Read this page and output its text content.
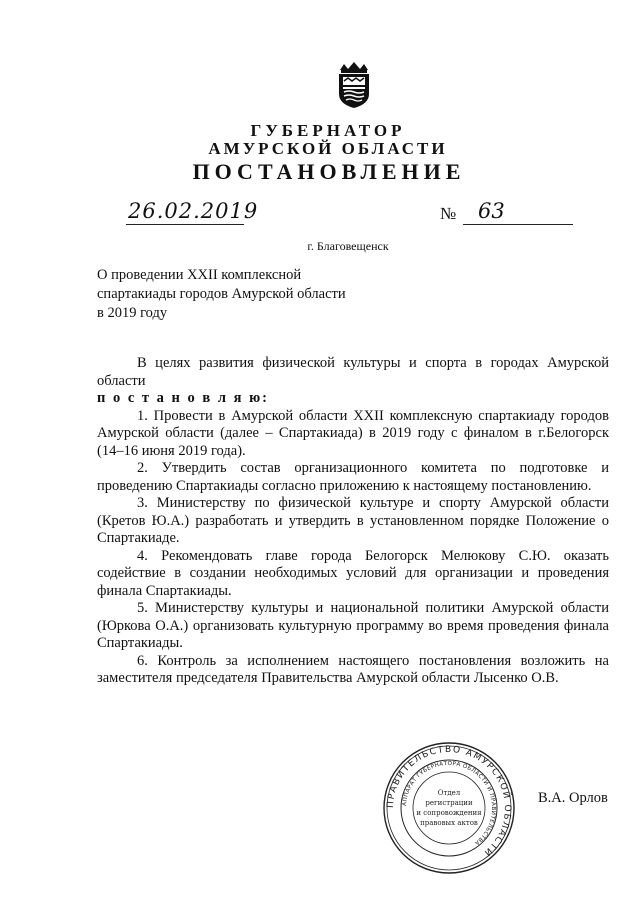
ГУБЕРНАТОР
АМУРСКОЙ ОБЛАСТИ
ПОСТАНОВЛЕНИЕ
26.02.2019	№ 63
г. Благовещенск
О проведении XXII комплексной спартакиады городов Амурской области в 2019 году

В целях развития физической культуры и спорта в городах Амурской области

п о с т а н о в л я ю:

1. Провести в Амурской области XXII комплексную спартакиаду городов Амурской области (далее – Спартакиада) в 2019 году с финалом в г.Белогорск (14–16 июня 2019 года).

2. Утвердить состав организационного комитета по подготовке и проведению Спартакиады согласно приложению к настоящему постановлению.

3. Министерству по физической культуре и спорту Амурской области (Кретов Ю.А.) разработать и утвердить в установленном порядке Положение о Спартакиаде.

4. Рекомендовать главе города Белогорск Мелюкову С.Ю. оказать содействие в создании необходимых условий для организации и проведения финала Спартакиады.

5. Министерству культуры и национальной политики Амурской области (Юркова О.А.) организовать культурную программу во время проведения финала Спартакиады.

6. Контроль за исполнением настоящего постановления возложить на заместителя председателя Правительства Амурской области Лысенко О.В.

ПРАВИТЕЛЬСТВО АМУРСКОЙ ОБЛАСТИ
АППАРАТ ГУБЕРНАТОРА ОБЛАСТИ И ПРАВИТЕЛЬСТВА
Отдел
регистрации
и сопровождения
правовых актов
В.А. Орлов
